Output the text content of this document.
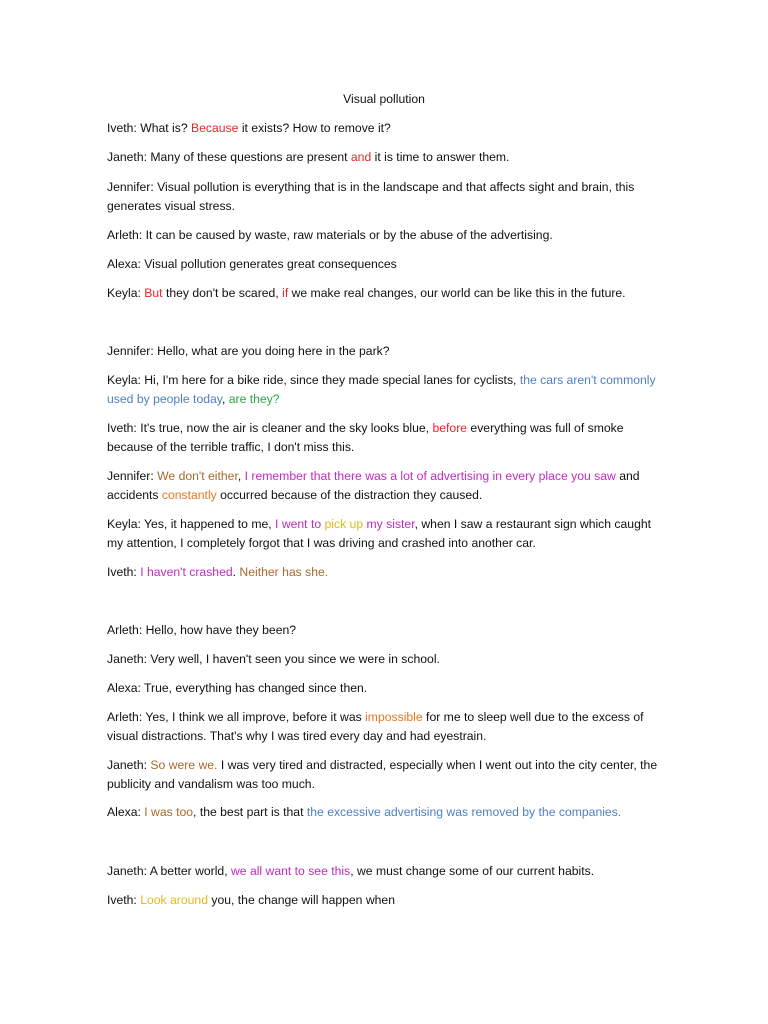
Visual pollution

Iveth: What is? Because it exists? How to remove it?

Janeth: Many of these questions are present and it is time to answer them.

Jennifer: Visual pollution is everything that is in the landscape and that affects sight and brain, this generates visual stress.

Arleth: It can be caused by waste, raw materials or by the abuse of the advertising.

Alexa: Visual pollution generates great consequences

Keyla: But they don't be scared, if we make real changes, our world can be like this in the future.

Jennifer: Hello, what are you doing here in the park?

Keyla: Hi, I'm here for a bike ride, since they made special lanes for cyclists, the cars aren't commonly used by people today, are they?

Iveth: It's true, now the air is cleaner and the sky looks blue, before everything was full of smoke because of the terrible traffic, I don't miss this.

Jennifer: We don't either, I remember that there was a lot of advertising in every place you saw and accidents constantly occurred because of the distraction they caused.

Keyla: Yes, it happened to me, I went to pick up my sister, when I saw a restaurant sign which caught my attention, I completely forgot that I was driving and crashed into another car.

Iveth: I haven't crashed. Neither has she.

Arleth: Hello, how have they been?

Janeth: Very well, I haven't seen you since we were in school.

Alexa: True, everything has changed since then.

Arleth: Yes, I think we all improve, before it was impossible for me to sleep well due to the excess of visual distractions. That's why I was tired every day and had eyestrain.

Janeth: So were we. I was very tired and distracted, especially when I went out into the city center, the publicity and vandalism was too much.

Alexa: I was too, the best part is that the excessive advertising was removed by the companies.

Janeth: A better world, we all want to see this, we must change some of our current habits.

Iveth: Look around you, the change will happen when
